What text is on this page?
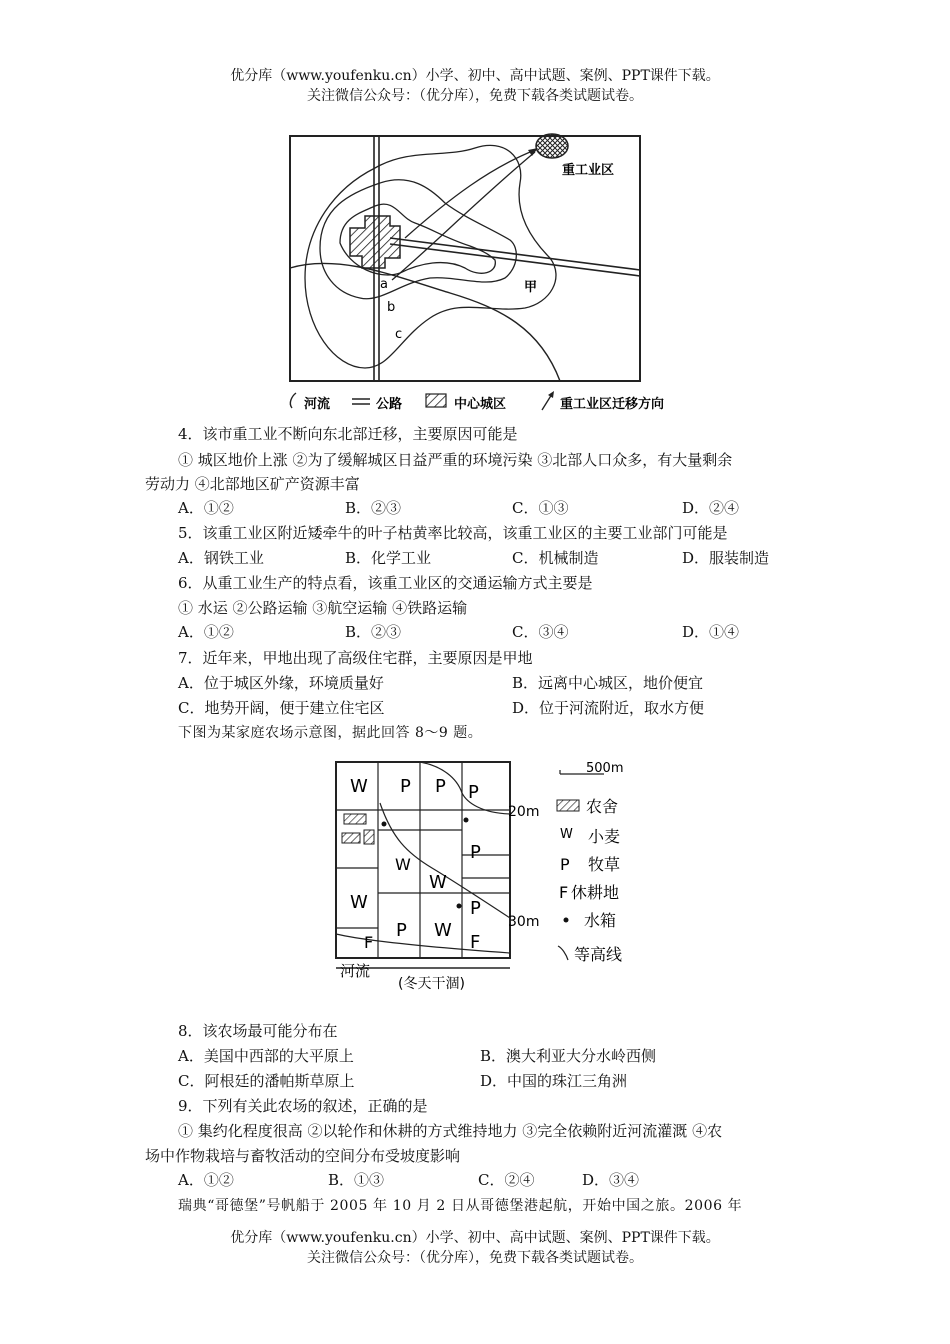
优分库（www.youfenku.cn）小学、初中、高中试题、案例、PPT课件下载。
关注微信公众号：（优分库），免费下载各类试题试卷。
重工业区
a
b
c
甲
河流	公路	中心城区	重工业区迁移方向
4．该市重工业不断向东北部迁移，主要原因可能是
① 城区地价上涨 ②为了缓解城区日益严重的环境污染 ③北部人口众多，有大量剩余
劳动力 ④北部地区矿产资源丰富
A．①②	B．②③	C．①③	D．②④
5．该重工业区附近矮牵牛的叶子枯黄率比较高，该重工业区的主要工业部门可能是
A．钢铁工业	B．化学工业	C．机械制造	D．服装制造
6．从重工业生产的特点看，该重工业区的交通运输方式主要是
① 水运 ②公路运输 ③航空运输 ④铁路运输
A．①②	B．②③	C．③④	D．①④
7．近年来，甲地出现了高级住宅群，主要原因是甲地
A．位于城区外缘，环境质量好	B．远离中心城区，地价便宜
C．地势开阔，便于建立住宅区	D．位于河流附近，取水方便
下图为某家庭农场示意图，据此回答 8～9 题。
W P P P
P
W
W
P
W
P W
F
F
20m
30m
河流
(冬天干涸)
500m
农舍
W 小麦
P 牧草
F 休耕地
水箱
等高线
8．该农场最可能分布在
A．美国中西部的大平原上	B．澳大利亚大分水岭西侧
C．阿根廷的潘帕斯草原上	D．中国的珠江三角洲
9．下列有关此农场的叙述，正确的是
① 集约化程度很高 ②以轮作和休耕的方式维持地力 ③完全依赖附近河流灌溉 ④农
场中作物栽培与畜牧活动的空间分布受坡度影响
A．①②	B．①③	C．②④	D．③④
瑞典“哥德堡”号帆船于 2005 年 10 月 2 日从哥德堡港起航，开始中国之旅。2006 年
优分库（www.youfenku.cn）小学、初中、高中试题、案例、PPT课件下载。
关注微信公众号：（优分库），免费下载各类试题试卷。
